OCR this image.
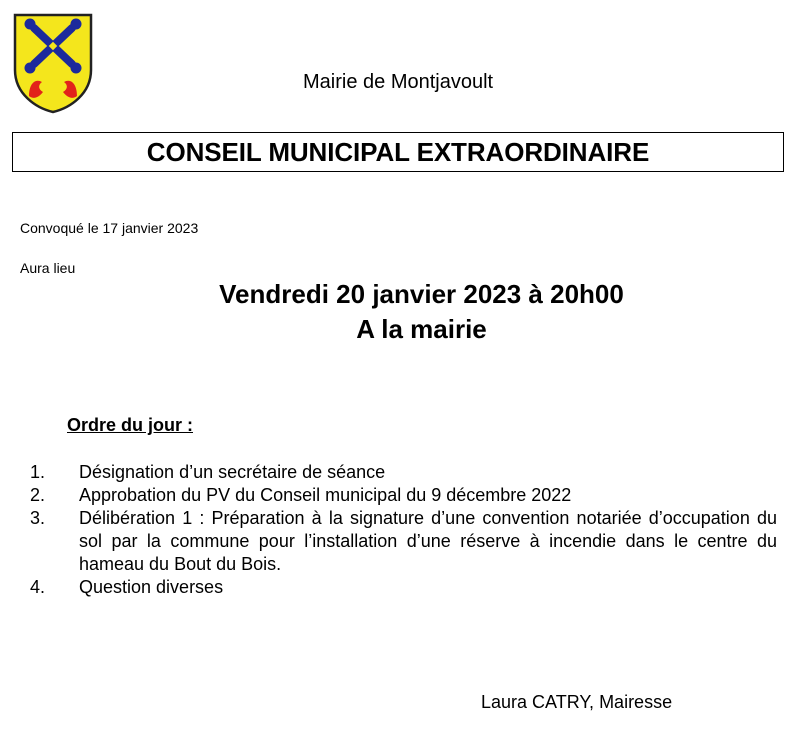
Mairie de Montjavoult
CONSEIL MUNICIPAL EXTRAORDINAIRE
Convoqué le 17 janvier 2023
Aura lieu
Vendredi 20 janvier 2023 à 20h00
A la mairie
Ordre du jour :
1.	Désignation d’un secrétaire de séance
2.	Approbation du PV du Conseil municipal du 9 décembre 2022
3.	Délibération 1 : Préparation à la signature d’une convention notariée d’occupation du sol par la commune pour l’installation d’une réserve à incendie dans le centre du hameau du Bout du Bois.
4.	Question diverses
Laura CATRY, Mairesse
